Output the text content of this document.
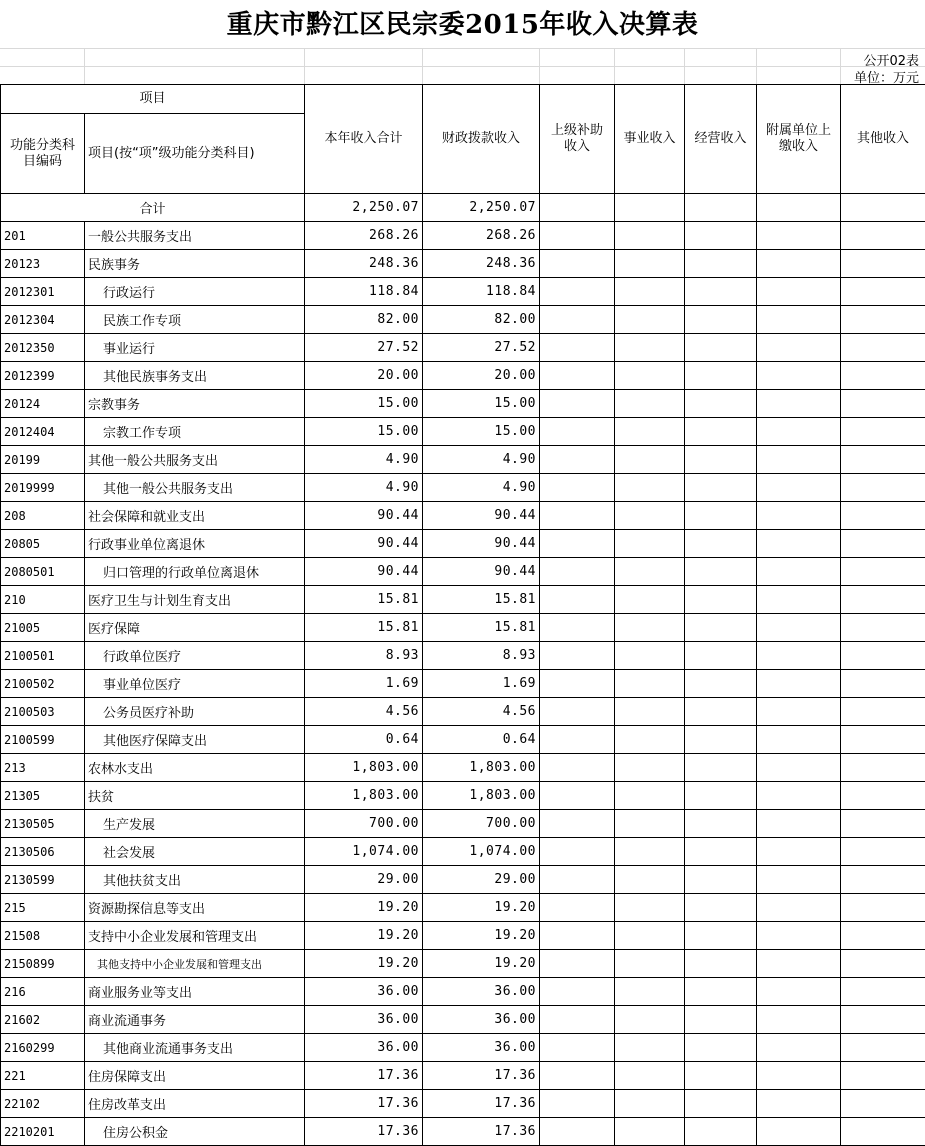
重庆市黔江区民宗委2015年收入决算表
公开02表
单位：万元
项目		本年收入合计	财政拨款收入	上级补助收入	事业收入	经营收入	附属单位上缴收入	其他收入
功能分类科目编码	项目(按“项”级功能分类科目)							
合计		2,250.07	2,250.07					
201	一般公共服务支出	268.26	268.26					
20123	民族事务	248.36	248.36					
2012301	行政运行	118.84	118.84					
2012304	民族工作专项	82.00	82.00					
2012350	事业运行	27.52	27.52					
2012399	其他民族事务支出	20.00	20.00					
20124	宗教事务	15.00	15.00					
2012404	宗教工作专项	15.00	15.00					
20199	其他一般公共服务支出	4.90	4.90					
2019999	其他一般公共服务支出	4.90	4.90					
208	社会保障和就业支出	90.44	90.44					
20805	行政事业单位离退休	90.44	90.44					
2080501	归口管理的行政单位离退休	90.44	90.44					
210	医疗卫生与计划生育支出	15.81	15.81					
21005	医疗保障	15.81	15.81					
2100501	行政单位医疗	8.93	8.93					
2100502	事业单位医疗	1.69	1.69					
2100503	公务员医疗补助	4.56	4.56					
2100599	其他医疗保障支出	0.64	0.64					
213	农林水支出	1,803.00	1,803.00					
21305	扶贫	1,803.00	1,803.00					
2130505	生产发展	700.00	700.00					
2130506	社会发展	1,074.00	1,074.00					
2130599	其他扶贫支出	29.00	29.00					
215	资源勘探信息等支出	19.20	19.20					
21508	支持中小企业发展和管理支出	19.20	19.20					
2150899	其他支持中小企业发展和管理支出	19.20	19.20					
216	商业服务业等支出	36.00	36.00					
21602	商业流通事务	36.00	36.00					
2160299	其他商业流通事务支出	36.00	36.00					
221	住房保障支出	17.36	17.36					
22102	住房改革支出	17.36	17.36					
2210201	住房公积金	17.36	17.36					
